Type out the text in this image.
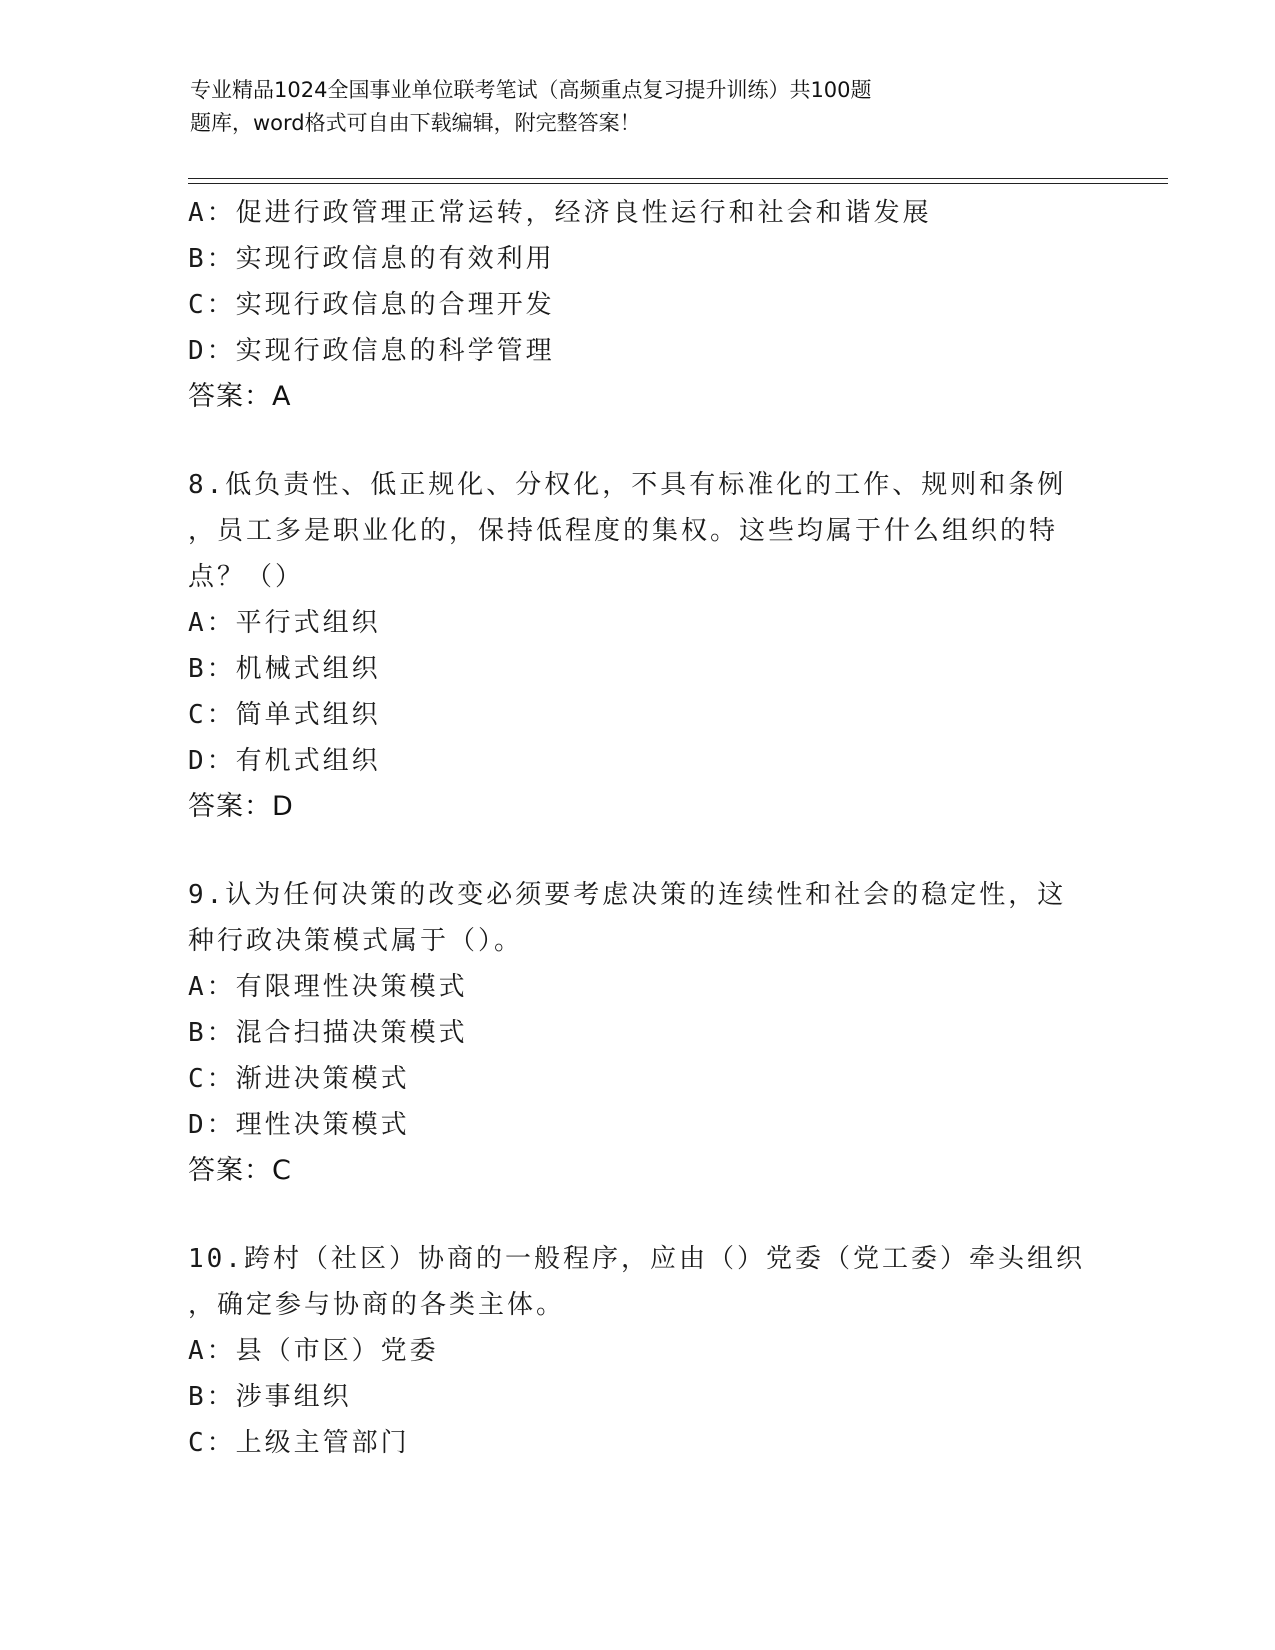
专业精品1024全国事业单位联考笔试（高频重点复习提升训练）共100题
题库，word格式可自由下载编辑，附完整答案！
A：促进行政管理正常运转，经济良性运行和社会和谐发展
B：实现行政信息的有效利用
C：实现行政信息的合理开发
D：实现行政信息的科学管理
答案：A
8.低负责性、低正规化、分权化，不具有标准化的工作、规则和条例
，员工多是职业化的，保持低程度的集权。这些均属于什么组织的特
点？（）
A：平行式组织
B：机械式组织
C：简单式组织
D：有机式组织
答案：D
9.认为任何决策的改变必须要考虑决策的连续性和社会的稳定性，这
种行政决策模式属于（）。
A：有限理性决策模式
B：混合扫描决策模式
C：渐进决策模式
D：理性决策模式
答案：C
10.跨村（社区）协商的一般程序，应由（）党委（党工委）牵头组织
，确定参与协商的各类主体。
A：县（市区）党委
B：涉事组织
C：上级主管部门
